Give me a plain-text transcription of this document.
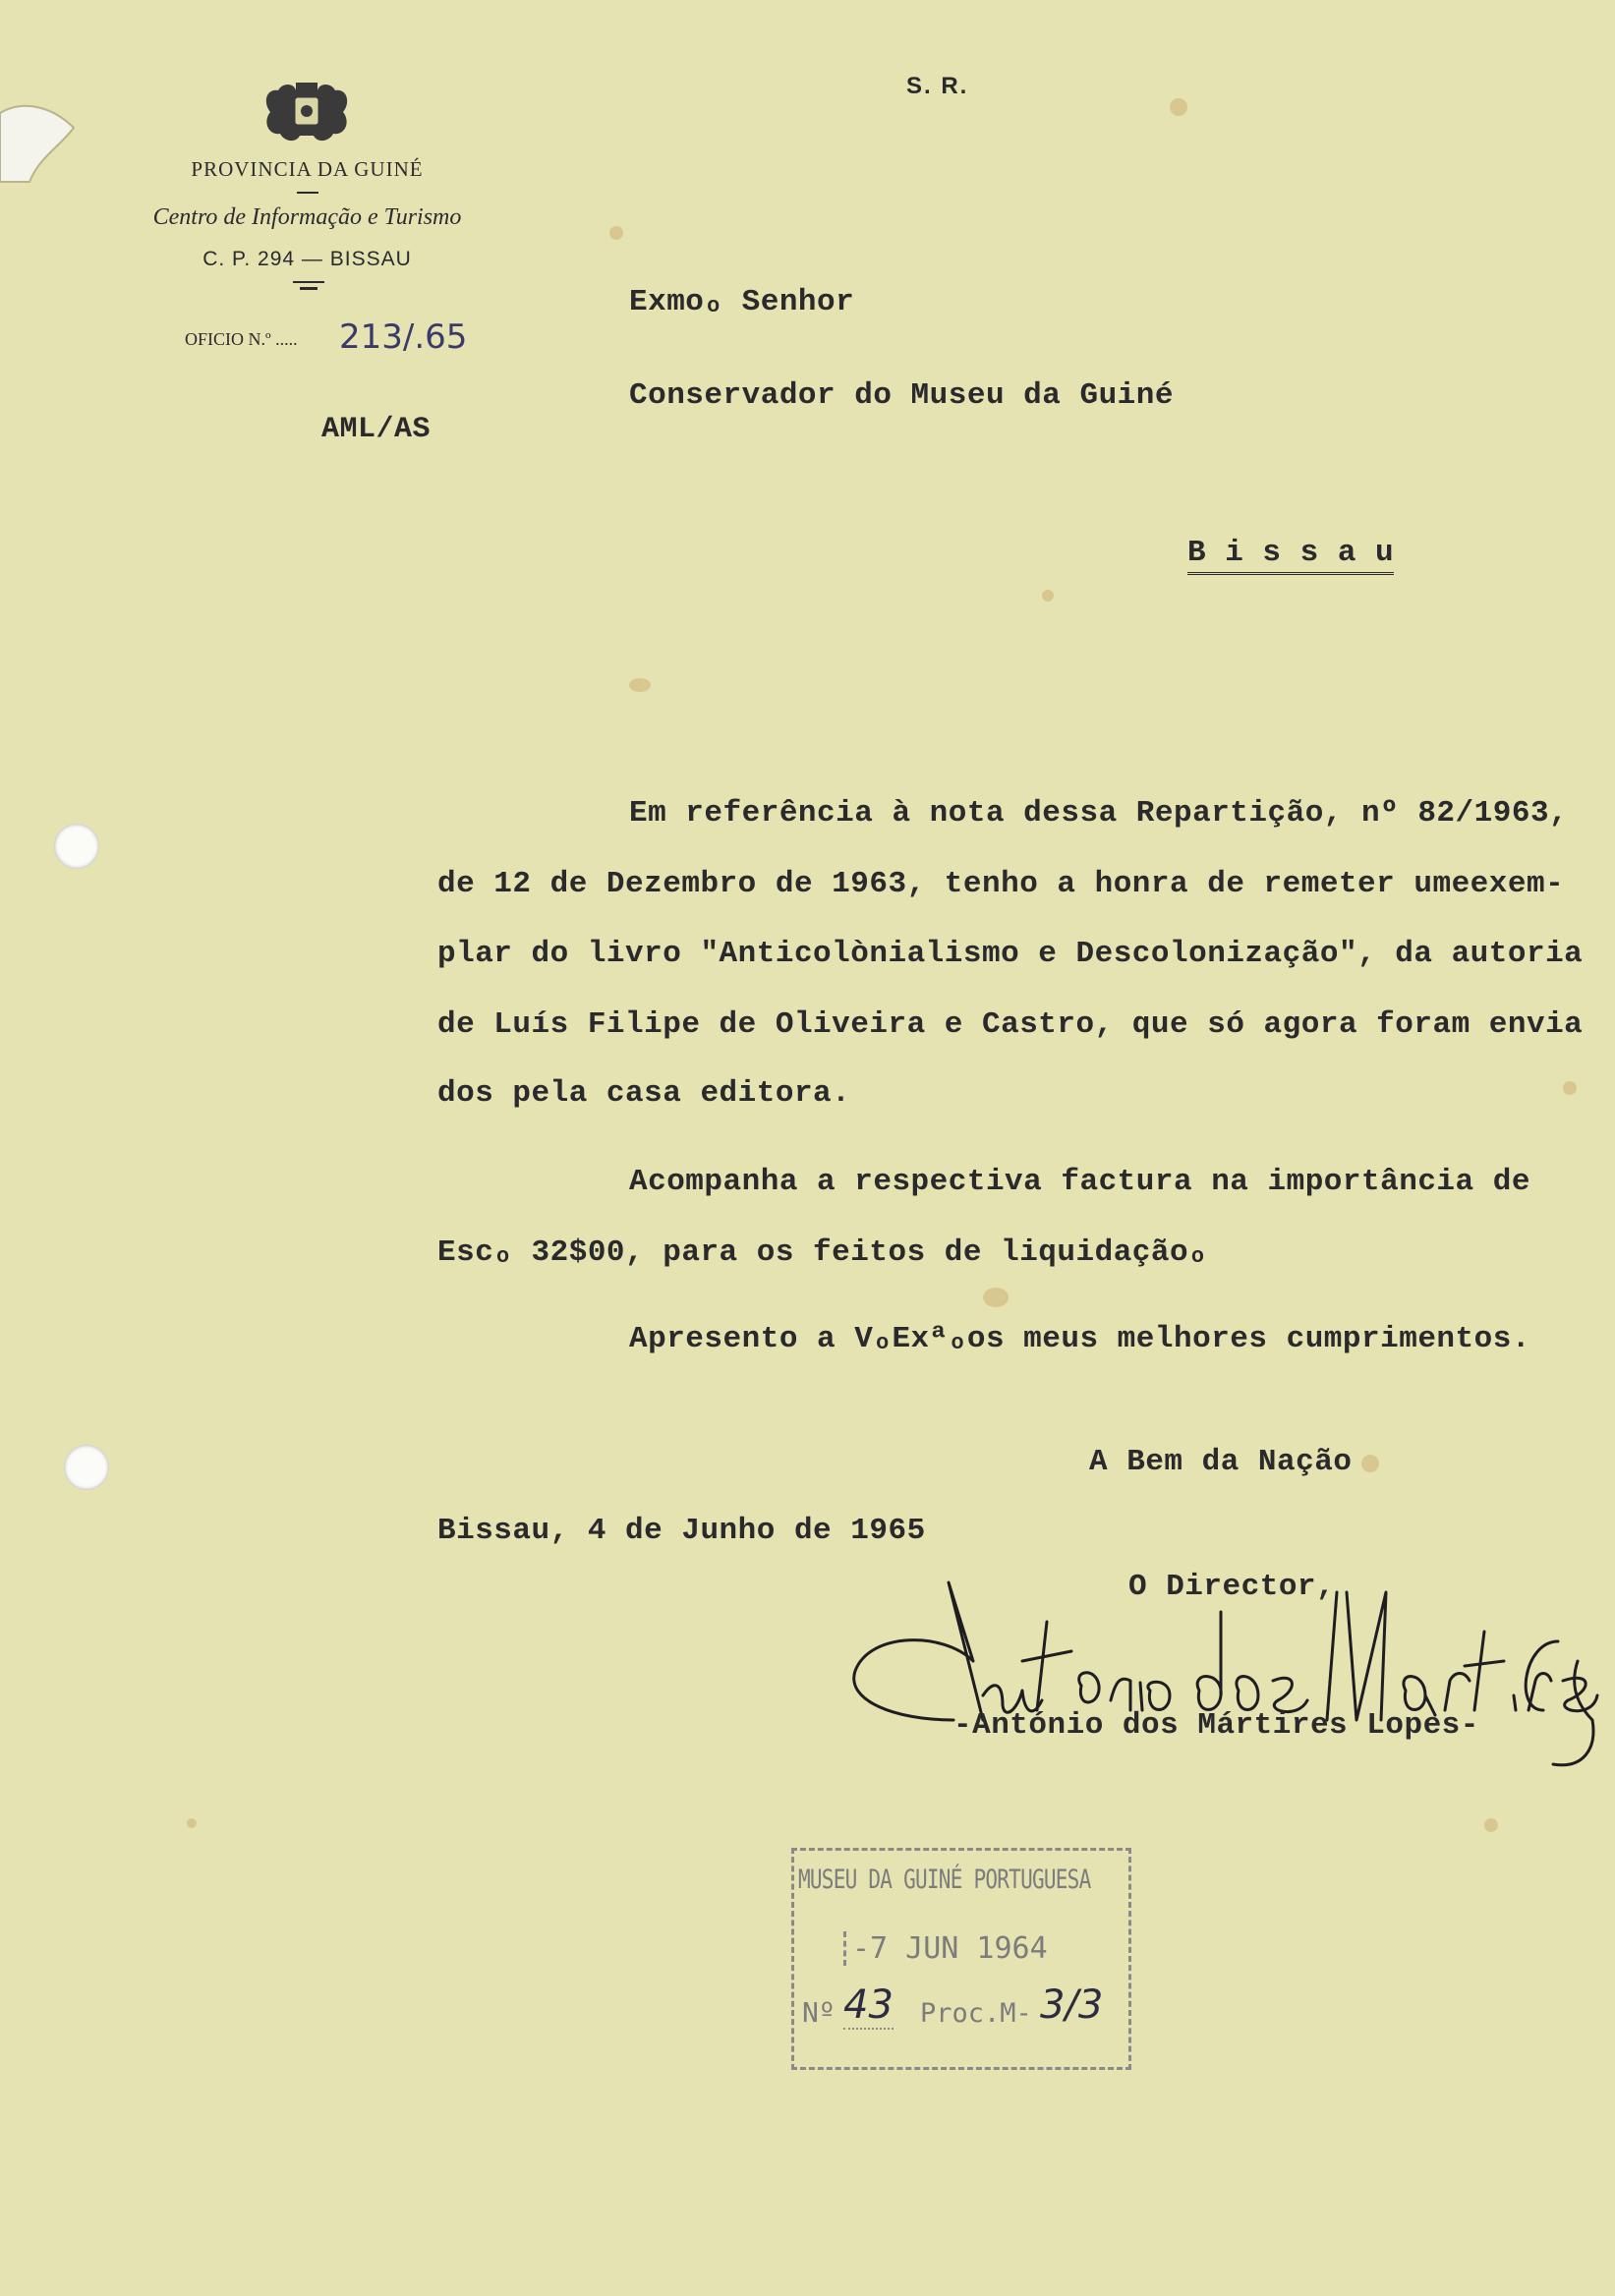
PROVINCIA DA GUINÉ
Centro de Informação e Turismo
C. P. 294 — BISSAU
OFICIO N.º ..... 213/.65
AML/AS
S. R.
Exmoₒ Senhor
Conservador do Museu da Guiné
B i s s a u
Em referência à nota dessa Repartição, nº 82/1963,
de 12 de Dezembro de 1963, tenho a honra de remeter umeexem-
plar do livro "Anticolònialismo e Descolonização", da autoria
de Luís Filipe de Oliveira e Castro, que só agora foram envia
dos pela casa editora.
Acompanha a respectiva factura na importância de
Escₒ 32$00, para os feitos de liquidaçãoₒ
Apresento a VₒExªₒos meus melhores cumprimentos.
A Bem da Nação
Bissau, 4 de Junho de 1965
O Director,
-António dos Mártires Lopes-
MUSEU DA GUINÉ PORTUGUESA
-7 JUN 1964
Nº 43 Proc.M- 3/3
